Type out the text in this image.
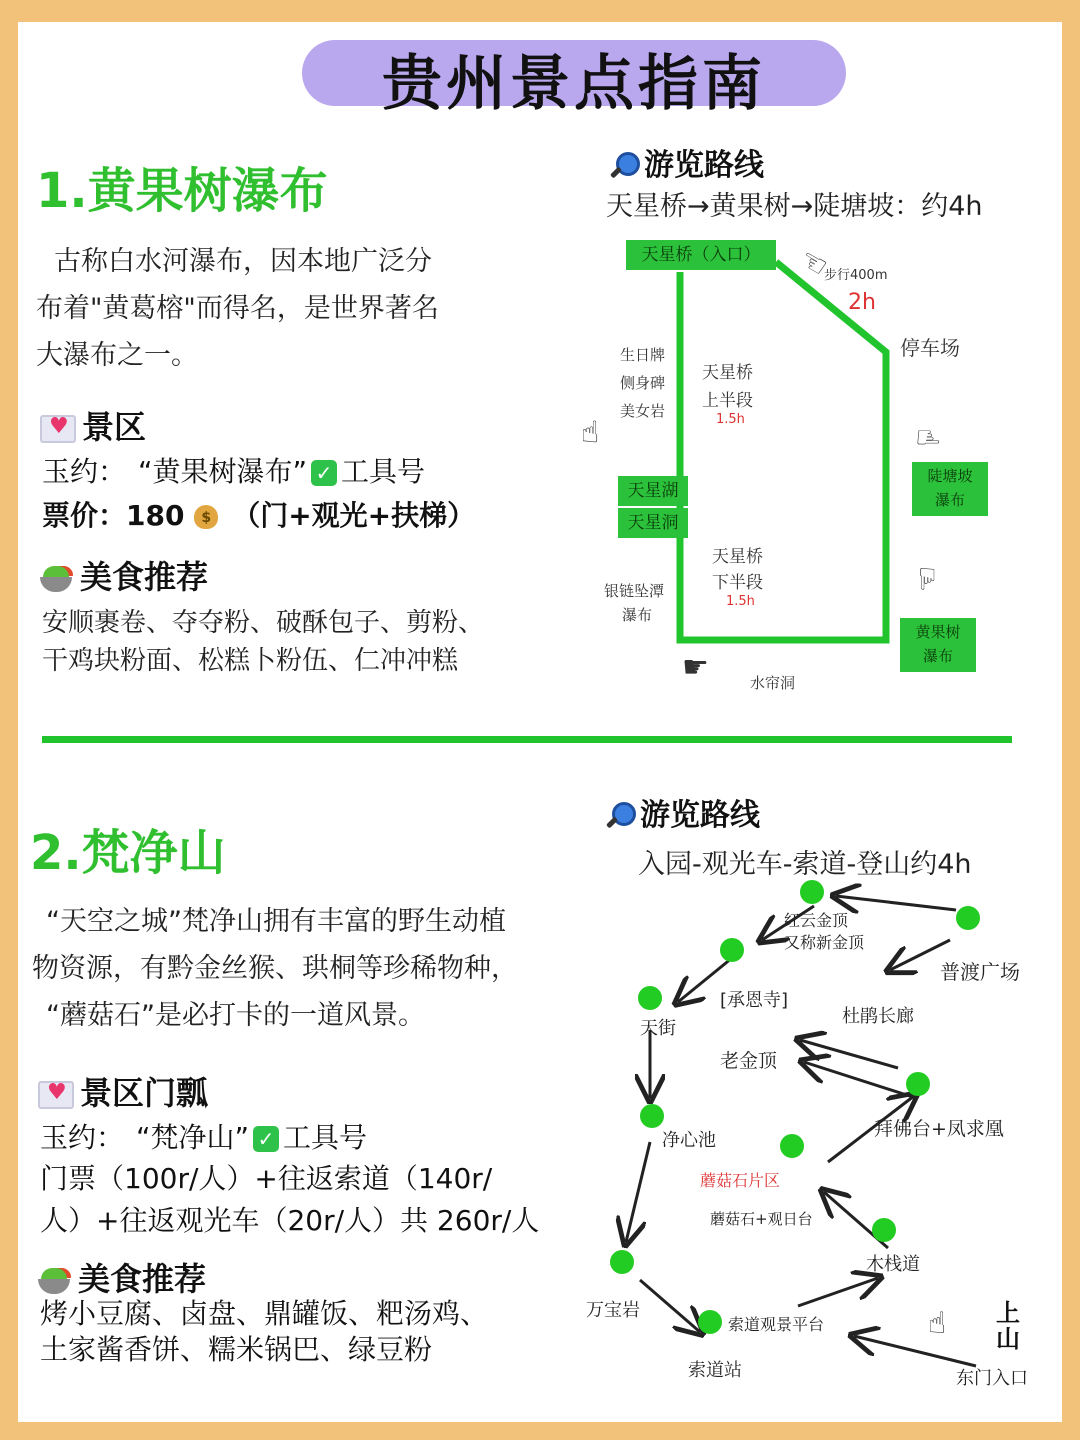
贵州景点指南
1.黄果树瀑布
古称白水河瀑布，因本地广泛分
布着"黄葛榕"而得名，是世界著名
大瀑布之一。
♥景区
玉约： “黄果树瀑布” ✓ 工具号
票价：180 $ （门+观光+扶梯）
美食推荐
安顺裹卷、夺夺粉、破酥包子、剪粉、
干鸡块粉面、松糕卜粉伍、仁冲冲糕
游览路线
天星桥→黄果树→陡塘坡：约4h
天星桥（入口）
步行400m
2h
停车场
生日牌
侧身碑
美女岩
天星桥
上半段
1.5h
天星湖
天星洞
天星桥
下半段
1.5h
银链坠潭
瀑布
陡塘坡
瀑布
黄果树
瀑布
水帘洞
☜
☜	☝
☝
☛
2.梵净山
“天空之城”梵净山拥有丰富的野生动植
物资源，有黔金丝猴、珙桐等珍稀物种，
“蘑菇石”是必打卡的一道风景。
♥景区门瓢
玉约： “梵净山” ✓ 工具号
门票（100r/人）+往返索道（140r/
人）+往返观光车（20r/人）共 260r/人
美食推荐
烤小豆腐、卤盘、鼎罐饭、粑汤鸡、
土家酱香饼、糯米锅巴、绿豆粉
游览路线
入园-观光车-索道-登山约4h
红云金顶
又称新金顶
普渡广场
[承恩寺]
天街
杜鹃长廊
老金顶
净心池
拜佛台+凤求凰
蘑菇石片区
蘑菇石+观日台
木栈道
万宝岩
索道观景平台
索道站
☝ 上山
东门入口
